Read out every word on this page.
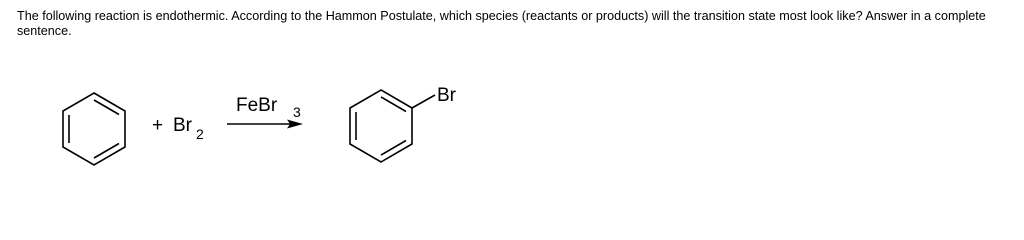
The following reaction is endothermic. According to the Hammon Postulate, which species (reactants or products) will the transition state most look like? Answer in a complete sentence.

+ Br 2
FeBr 3
Br
